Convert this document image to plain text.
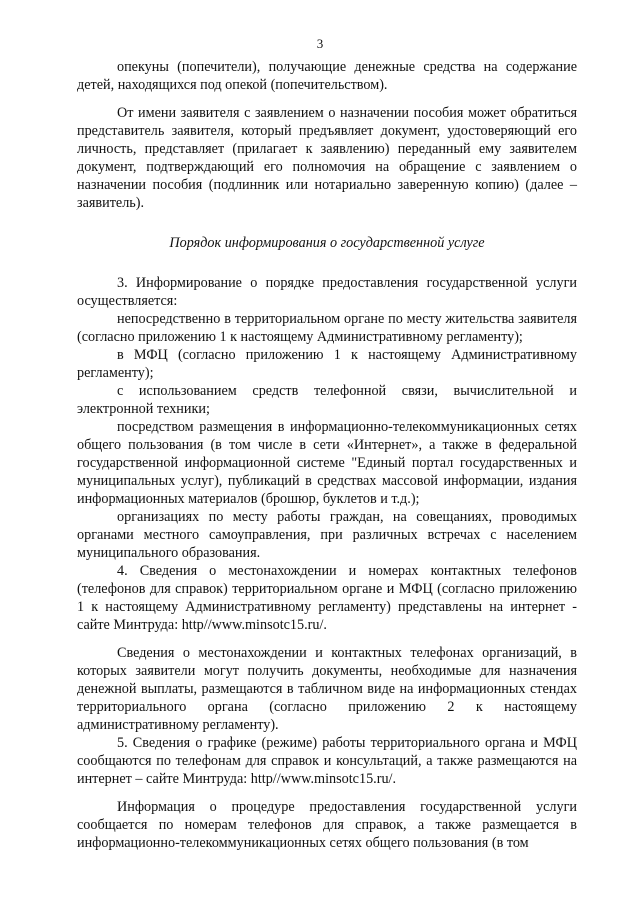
3

опекуны (попечители), получающие денежные средства на содержание детей, находящихся под опекой (попечительством).

От имени заявителя с заявлением о назначении пособия может обратиться представитель заявителя, который предъявляет документ, удостоверяющий его личность, представляет (прилагает к заявлению) переданный ему заявителем документ, подтверждающий его полномочия на обращение с заявлением о назначении пособия (подлинник или нотариально заверенную копию) (далее – заявитель).

Порядок информирования о государственной услуге

3. Информирование о порядке предоставления государственной услуги осуществляется:

непосредственно в территориальном органе по месту жительства заявителя (согласно приложению 1 к настоящему Административному регламенту);

в МФЦ (согласно приложению 1 к настоящему Административному регламенту);

с использованием средств телефонной связи, вычислительной и электронной техники;

посредством размещения в информационно-телекоммуникационных сетях общего пользования (в том числе в сети «Интернет», а также в федеральной государственной информационной системе "Единый портал государственных и муниципальных услуг), публикаций в средствах массовой информации, издания информационных материалов (брошюр, буклетов и т.д.);

организациях по месту работы граждан, на совещаниях, проводимых органами местного самоуправления, при различных встречах с населением муниципального образования.

4. Сведения о местонахождении и номерах контактных телефонов (телефонов для справок) территориальном органе и МФЦ (согласно приложению 1 к настоящему Административному регламенту) представлены на интернет - сайте Минтруда: http//www.minsotc15.ru/.

Сведения о местонахождении и контактных телефонах организаций, в которых заявители могут получить документы, необходимые для назначения денежной выплаты, размещаются в табличном виде на информационных стендах территориального органа (согласно приложению 2 к настоящему административному регламенту).

5. Сведения о графике (режиме) работы территориального органа и МФЦ сообщаются по телефонам для справок и консультаций, а также размещаются на интернет – сайте Минтруда: http//www.minsotc15.ru/.

Информация о процедуре предоставления государственной услуги сообщается по номерам телефонов для справок, а также размещается в информационно-телекоммуникационных сетях общего пользования (в том
